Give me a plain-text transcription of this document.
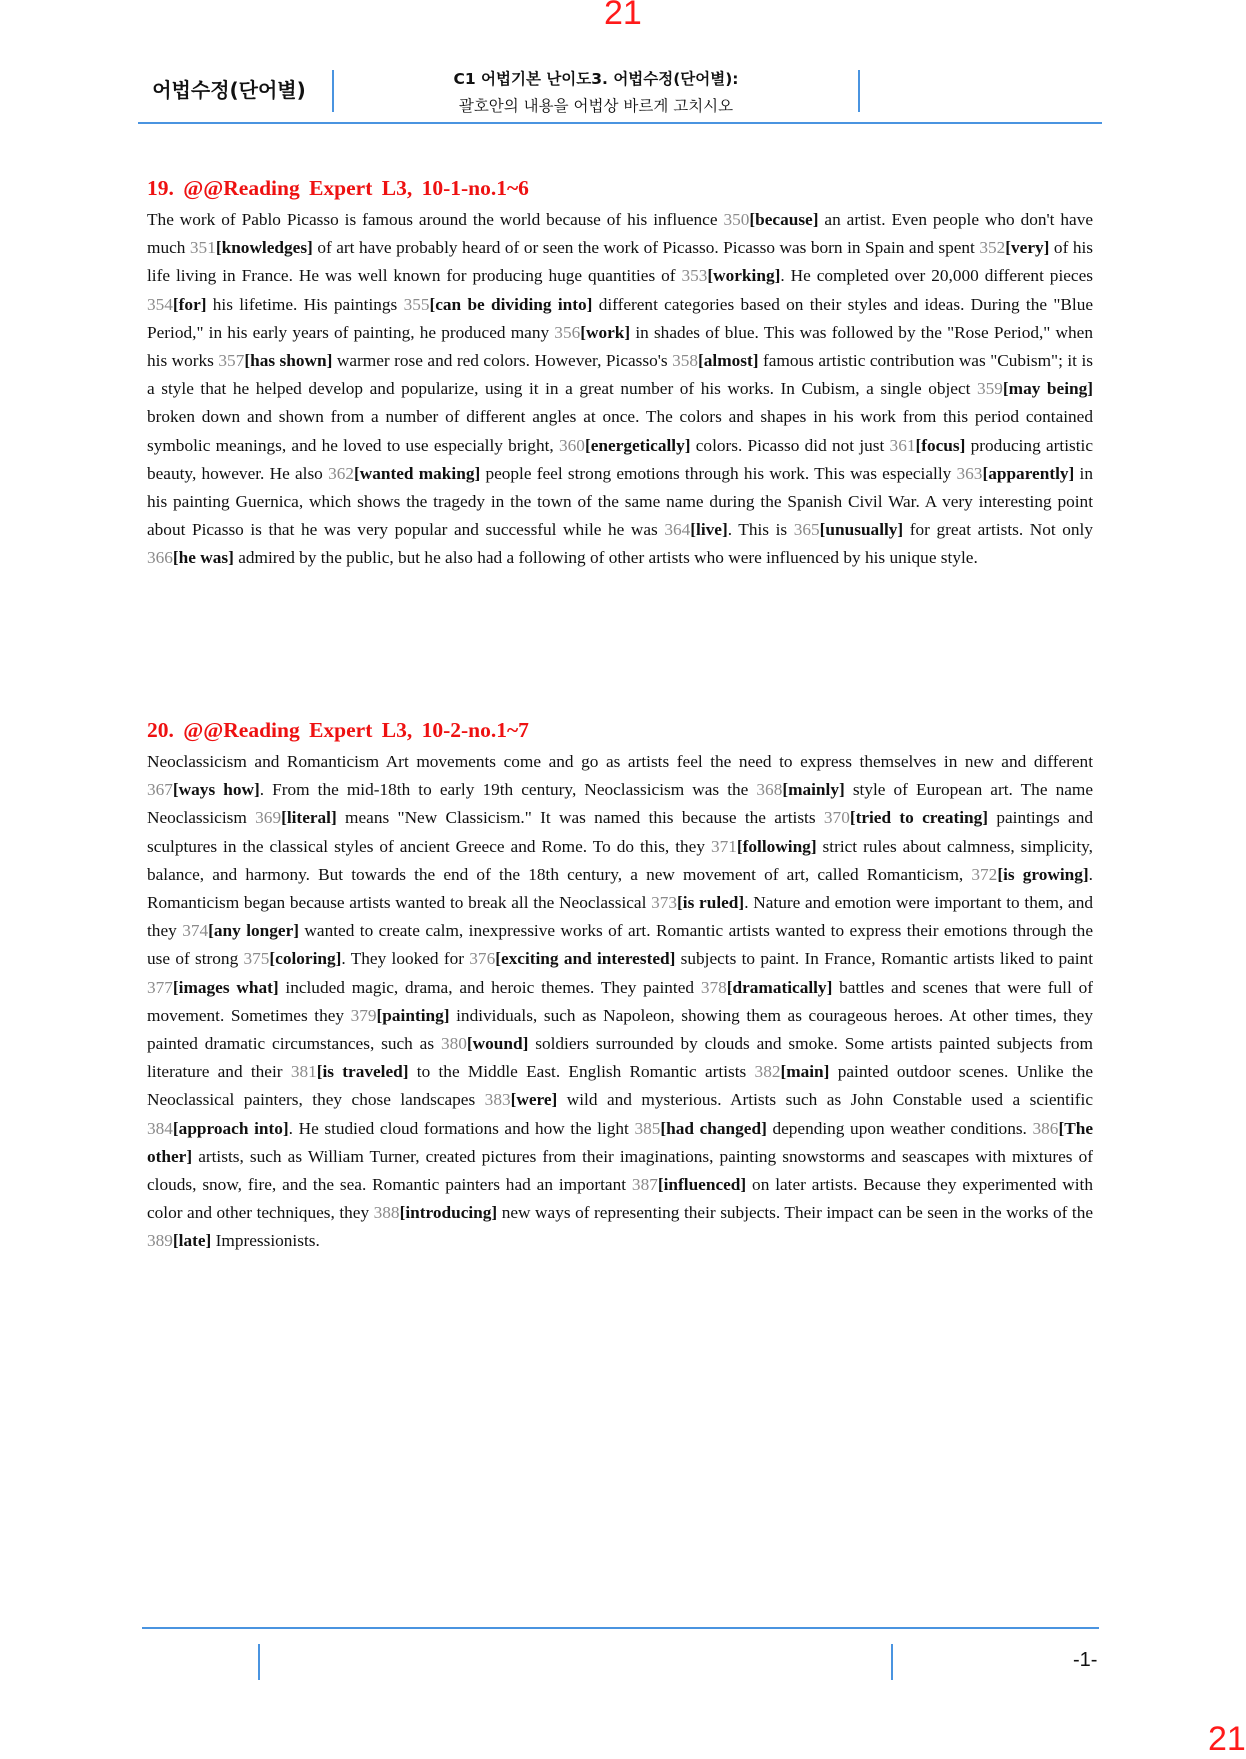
21
21
어법수정(단어별)	C1 어법기본 난이도3. 어법수정(단어별):
괄호안의 내용을 어법상 바르게 고치시오
19. @@Reading Expert L3, 10-1-no.1~6

The work of Pablo Picasso is famous around the world because of his influence 350[because] an artist. Even people who don't have much 351[knowledges] of art have probably heard of or seen the work of Picasso. Picasso was born in Spain and spent 352[very] of his life living in France. He was well known for producing huge quantities of 353[working]. He completed over 20,000 different pieces 354[for] his lifetime. His paintings 355[can be dividing into] different categories based on their styles and ideas. During the "Blue Period," in his early years of painting, he produced many 356[work] in shades of blue. This was followed by the "Rose Period," when his works 357[has shown] warmer rose and red colors. However, Picasso's 358[almost] famous artistic contribution was "Cubism"; it is a style that he helped develop and popularize, using it in a great number of his works. In Cubism, a single object 359[may being] broken down and shown from a number of different angles at once. The colors and shapes in his work from this period contained symbolic meanings, and he loved to use especially bright, 360[energetically] colors. Picasso did not just 361[focus] producing artistic beauty, however. He also 362[wanted making] people feel strong emotions through his work. This was especially 363[apparently] in his painting Guernica, which shows the tragedy in the town of the same name during the Spanish Civil War. A very interesting point about Picasso is that he was very popular and successful while he was 364[live]. This is 365[unusually] for great artists. Not only 366[he was] admired by the public, but he also had a following of other artists who were influenced by his unique style.

20. @@Reading Expert L3, 10-2-no.1~7

Neoclassicism and Romanticism Art movements come and go as artists feel the need to express themselves in new and different 367[ways how]. From the mid-18th to early 19th century, Neoclassicism was the 368[mainly] style of European art. The name Neoclassicism 369[literal] means "New Classicism." It was named this because the artists 370[tried to creating] paintings and sculptures in the classical styles of ancient Greece and Rome. To do this, they 371[following] strict rules about calmness, simplicity, balance, and harmony. But towards the end of the 18th century, a new movement of art, called Romanticism, 372[is growing]. Romanticism began because artists wanted to break all the Neoclassical 373[is ruled]. Nature and emotion were important to them, and they 374[any longer] wanted to create calm, inexpressive works of art. Romantic artists wanted to express their emotions through the use of strong 375[coloring]. They looked for 376[exciting and interested] subjects to paint. In France, Romantic artists liked to paint 377[images what] included magic, drama, and heroic themes. They painted 378[dramatically] battles and scenes that were full of movement. Sometimes they 379[painting] individuals, such as Napoleon, showing them as courageous heroes. At other times, they painted dramatic circumstances, such as 380[wound] soldiers surrounded by clouds and smoke. Some artists painted subjects from literature and their 381[is traveled] to the Middle East. English Romantic artists 382[main] painted outdoor scenes. Unlike the Neoclassical painters, they chose landscapes 383[were] wild and mysterious. Artists such as John Constable used a scientific 384[approach into]. He studied cloud formations and how the light 385[had changed] depending upon weather conditions. 386[The other] artists, such as William Turner, created pictures from their imaginations, painting snowstorms and seascapes with mixtures of clouds, snow, fire, and the sea. Romantic painters had an important 387[influenced] on later artists. Because they experimented with color and other techniques, they 388[introducing] new ways of representing their subjects. Their impact can be seen in the works of the 389[late] Impressionists.

-1-
